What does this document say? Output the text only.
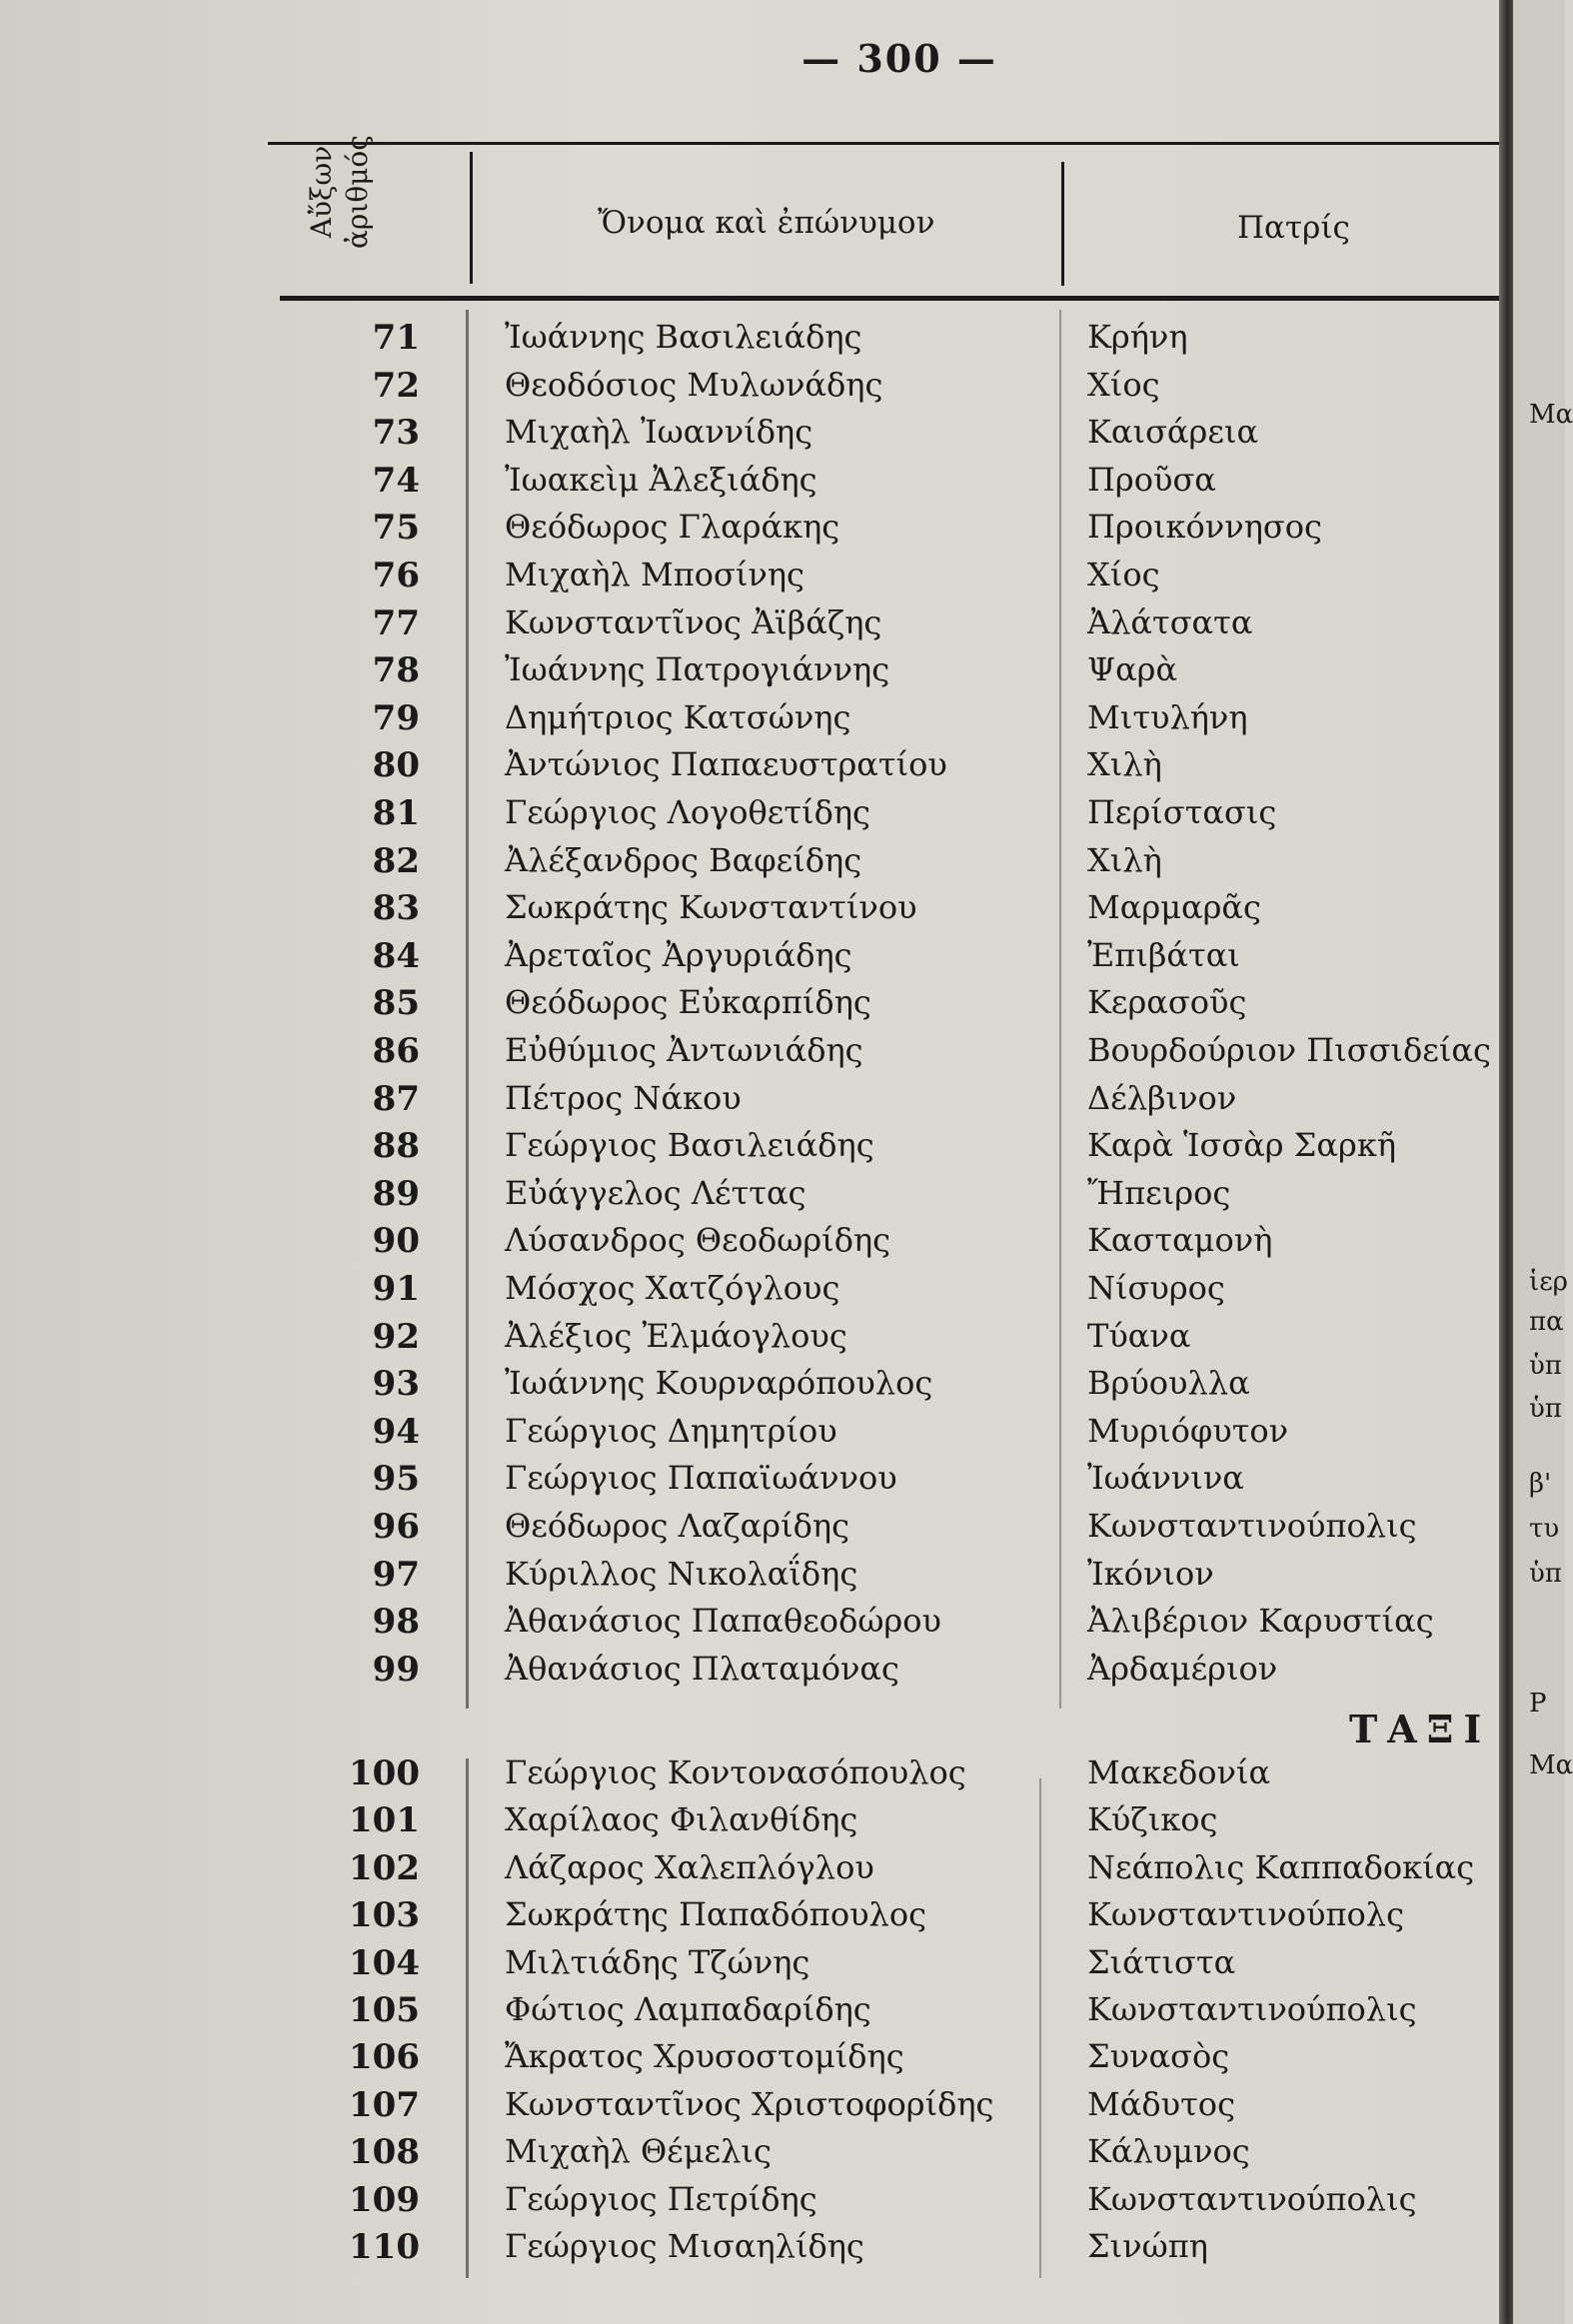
— 300 —
Αὔξων ἀριθμός	Ὄνομα καὶ ἐπώνυμον	Πατρίς
71	Ἰωάννης Βασιλειάδης	Κρήνη
72	Θεοδόσιος Μυλωνάδης	Χίος
73	Μιχαὴλ Ἰωαννίδης	Καισάρεια
74	Ἰωακεὶμ Ἀλεξιάδης	Προῦσα
75	Θεόδωρος Γλαράκης	Προικόννησος
76	Μιχαὴλ Μποσίνης	Χίος
77	Κωνσταντῖνος Ἀϊβάζης	Ἀλάτσατα
78	Ἰωάννης Πατρογιάννης	Ψαρὰ
79	Δημήτριος Κατσώνης	Μιτυλήνη
80	Ἀντώνιος Παπαευστρατίου	Χιλὴ
81	Γεώργιος Λογοθετίδης	Περίστασις
82	Ἀλέξανδρος Βαφείδης	Χιλὴ
83	Σωκράτης Κωνσταντίνου	Μαρμαρᾶς
84	Ἀρεταῖος Ἀργυριάδης	Ἐπιβάται
85	Θεόδωρος Εὐκαρπίδης	Κερασοῦς
86	Εὐθύμιος Ἀντωνιάδης	Βουρδούριον Πισσιδείας
87	Πέτρος Νάκου	Δέλβινον
88	Γεώργιος Βασιλειάδης	Καρὰ Ἱσσὰρ Σαρκῆ
89	Εὐάγγελος Λέττας	Ἤπειρος
90	Λύσανδρος Θεοδωρίδης	Κασταμονὴ
91	Μόσχος Χατζόγλους	Νίσυρος
92	Ἀλέξιος Ἐλμάογλους	Τύανα
93	Ἰωάννης Κουρναρόπουλος	Βρύουλλα
94	Γεώργιος Δημητρίου	Μυριόφυτον
95	Γεώργιος Παπαϊωάννου	Ἰωάννινα
96	Θεόδωρος Λαζαρίδης	Κωνσταντινούπολις
97	Κύριλλος Νικολαΐδης	Ἰκόνιον
98	Ἀθανάσιος Παπαθεοδώρου	Ἀλιβέριον Καρυστίας
99	Ἀθανάσιος Πλαταμόνας	Ἀρδαμέριον
ΤΑΞΙ
100	Γεώργιος Κοντονασόπουλος	Μακεδονία
101	Χαρίλαος Φιλανθίδης	Κύζικος
102	Λάζαρος Χαλεπλόγλου	Νεάπολις Καππαδοκίας
103	Σωκράτης Παπαδόπουλος	Κωνσταντινούπολς
104	Μιλτιάδης Τζώνης	Σιάτιστα
105	Φώτιος Λαμπαδαρίδης	Κωνσταντινούπολις
106	Ἄκρατος Χρυσοστομίδης	Συνασὸς
107	Κωνσταντῖνος Χριστοφορίδης	Μάδυτος
108	Μιχαὴλ Θέμελις	Κάλυμνος
109	Γεώργιος Πετρίδης	Κωνσταντινούπολις
110	Γεώργιος Μισαηλίδης	Σινώπη
Μα
ἱερ
πα
ὑπ
ὑπ
β'
τυ
ὑπ
Ρ
Μα
